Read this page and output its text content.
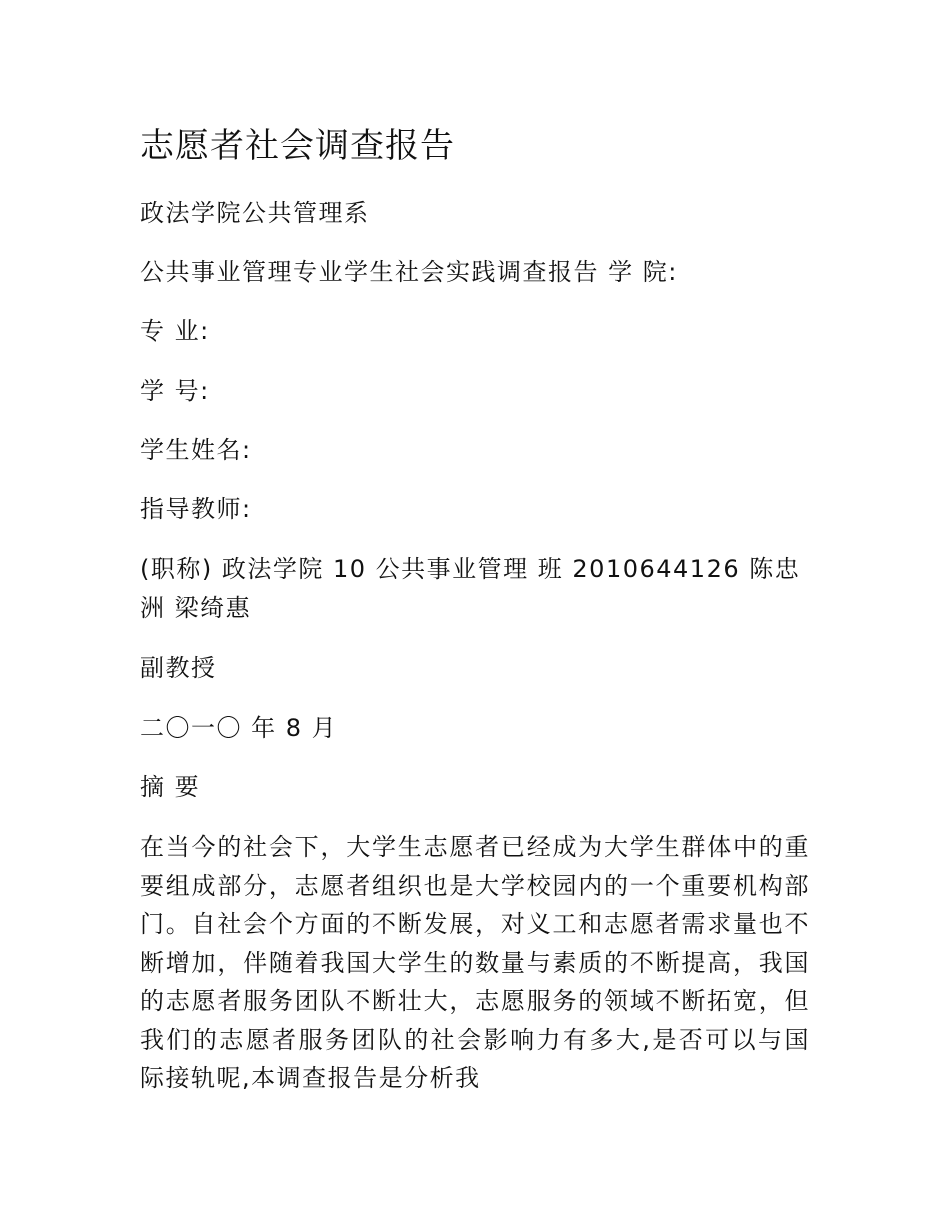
志愿者社会调查报告
政法学院公共管理系
公共事业管理专业学生社会实践调查报告 学 院:
专 业:
学 号:
学生姓名:
指导教师:
(职称) 政法学院 10 公共事业管理 班 2010644126 陈忠洲 梁绮惠
副教授
二〇一〇 年 8 月
摘 要
在当今的社会下，大学生志愿者已经成为大学生群体中的重要组成部分，志愿者组织也是大学校园内的一个重要机构部门。自社会个方面的不断发展，对义工和志愿者需求量也不断增加，伴随着我国大学生的数量与素质的不断提高，我国的志愿者服务团队不断壮大，志愿服务的领域不断拓宽，但我们的志愿者服务团队的社会影响力有多大,是否可以与国际接轨呢,本调查报告是分析我
